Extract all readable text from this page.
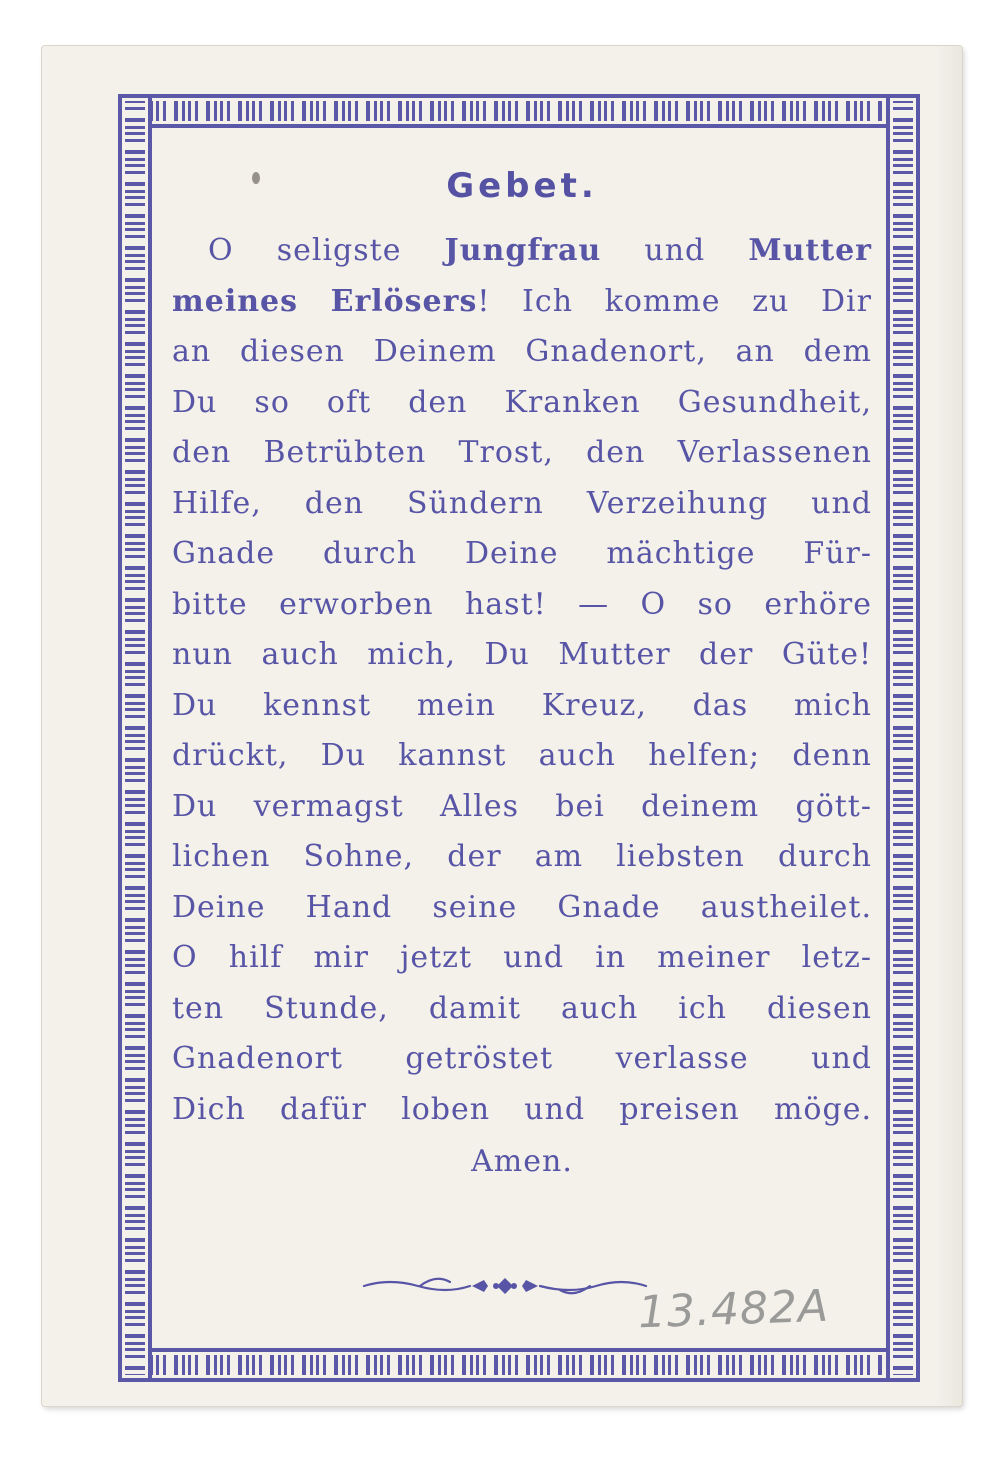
Gebet.

O seligste Jungfrau und Mutter

meines Erlösers! Ich komme zu Dir

an diesen Deinem Gnadenort, an dem

Du so oft den Kranken Gesundheit,

den Betrübten Trost, den Verlassenen

Hilfe, den Sündern Verzeihung und

Gnade durch Deine mächtige Für-

bitte erworben hast! — O so erhöre

nun auch mich, Du Mutter der Güte!

Du kennst mein Kreuz, das mich

drückt, Du kannst auch helfen; denn

Du vermagst Alles bei deinem gött-

lichen Sohne, der am liebsten durch

Deine Hand seine Gnade austheilet.

O hilf mir jetzt und in meiner letz-

ten Stunde, damit auch ich diesen

Gnadenort getröstet verlasse und

Dich dafür loben und preisen möge.

Amen.
13.482A
